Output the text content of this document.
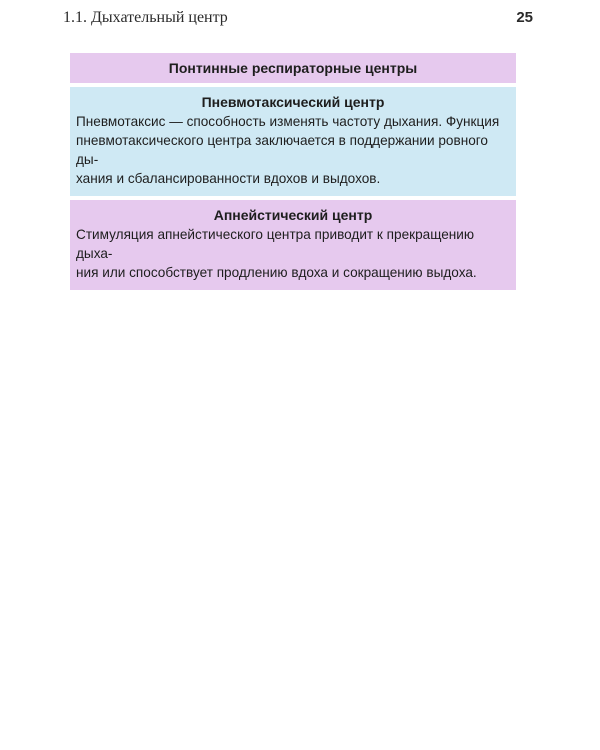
1.1. Дыхательный центр	25
Понтинные респираторные центры
Пневмотаксический центр
Пневмотаксис — способность изменять частоту дыхания. Функция
пневмотаксического центра заключается в поддержании ровного ды-
хания и сбалансированности вдохов и выдохов.
Апнейстический центр
Стимуляция апнейстического центра приводит к прекращению дыха-
ния или способствует продлению вдоха и сокращению выдоха.
